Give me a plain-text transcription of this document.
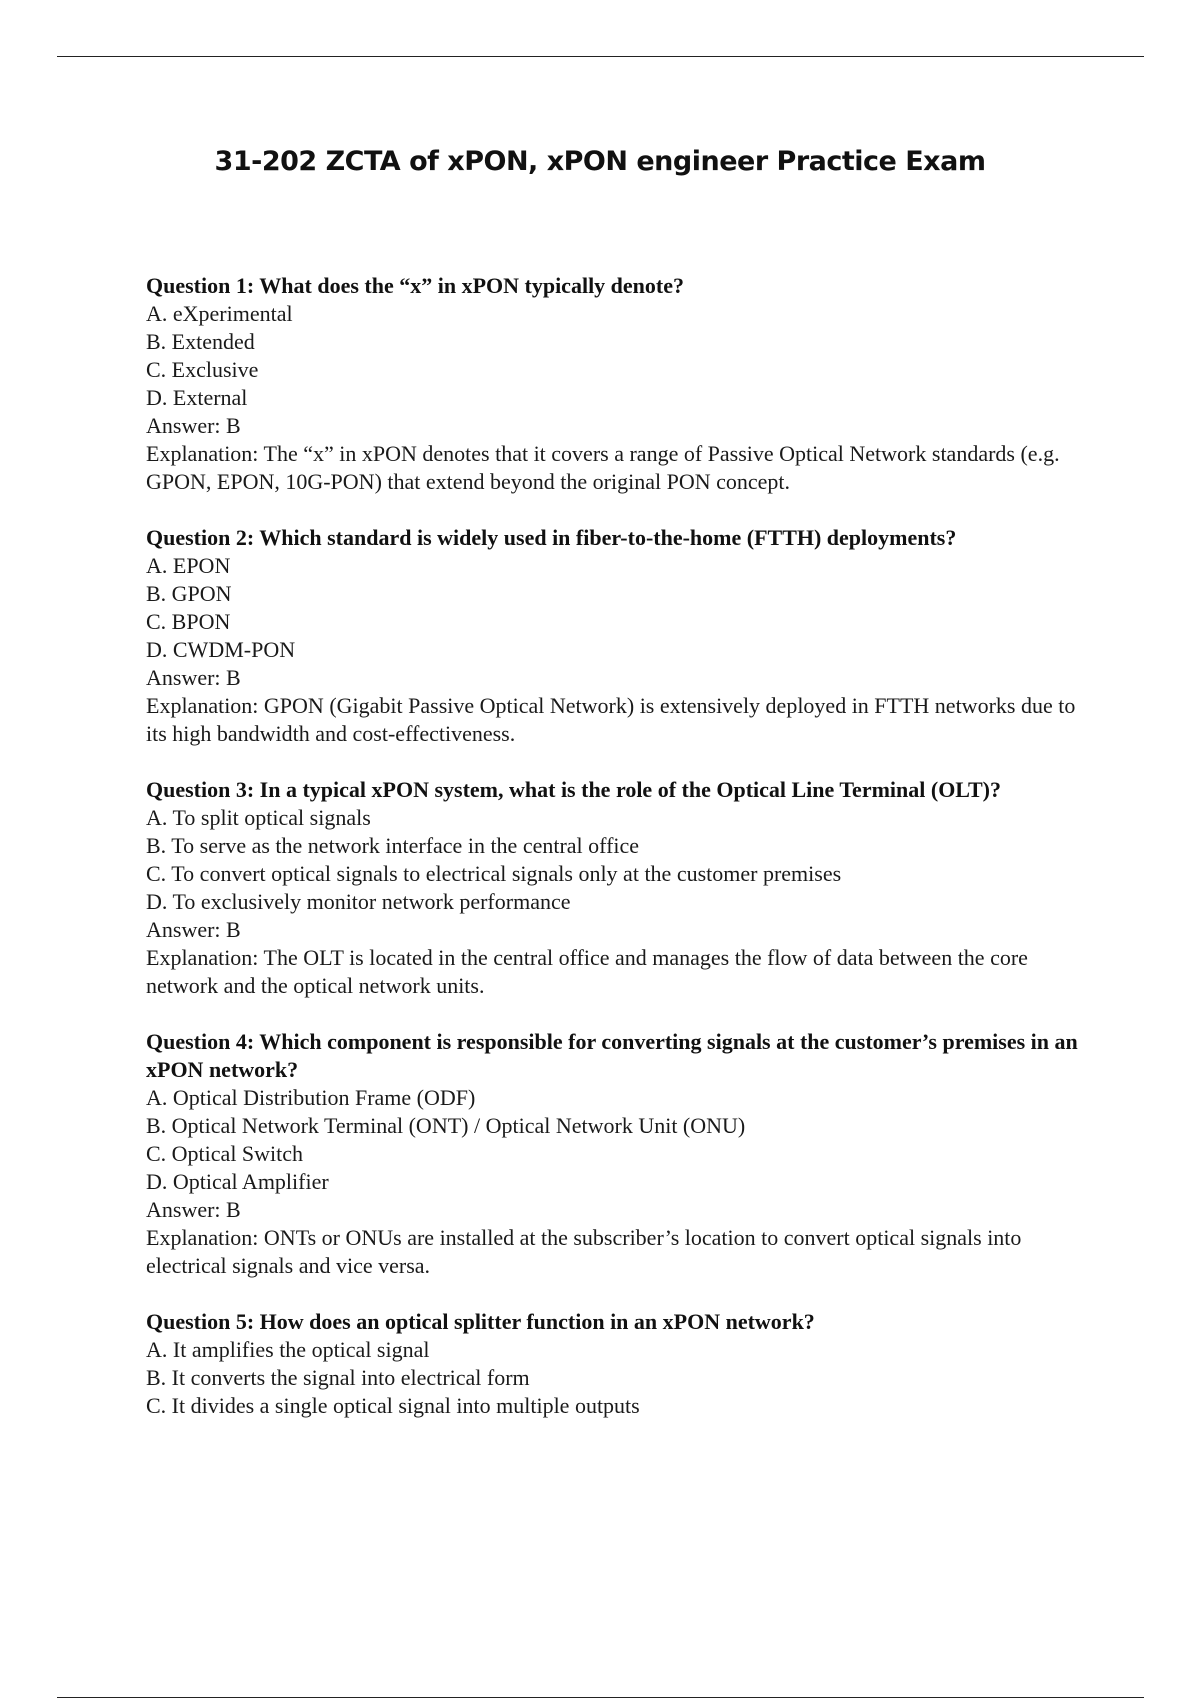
31-202 ZCTA of xPON, xPON engineer Practice Exam

Question 1: What does the “x” in xPON typically denote?

A. eXperimental

B. Extended

C. Exclusive

D. External

Answer: B

Explanation: The “x” in xPON denotes that it covers a range of Passive Optical Network standards (e.g. GPON, EPON, 10G-PON) that extend beyond the original PON concept.

Question 2: Which standard is widely used in fiber-to-the-home (FTTH) deployments?

A. EPON

B. GPON

C. BPON

D. CWDM-PON

Answer: B

Explanation: GPON (Gigabit Passive Optical Network) is extensively deployed in FTTH networks due to its high bandwidth and cost-effectiveness.

Question 3: In a typical xPON system, what is the role of the Optical Line Terminal (OLT)?

A. To split optical signals

B. To serve as the network interface in the central office

C. To convert optical signals to electrical signals only at the customer premises

D. To exclusively monitor network performance

Answer: B

Explanation: The OLT is located in the central office and manages the flow of data between the core network and the optical network units.

Question 4: Which component is responsible for converting signals at the customer’s premises in an xPON network?

A. Optical Distribution Frame (ODF)

B. Optical Network Terminal (ONT) / Optical Network Unit (ONU)

C. Optical Switch

D. Optical Amplifier

Answer: B

Explanation: ONTs or ONUs are installed at the subscriber’s location to convert optical signals into electrical signals and vice versa.

Question 5: How does an optical splitter function in an xPON network?

A. It amplifies the optical signal

B. It converts the signal into electrical form

C. It divides a single optical signal into multiple outputs
